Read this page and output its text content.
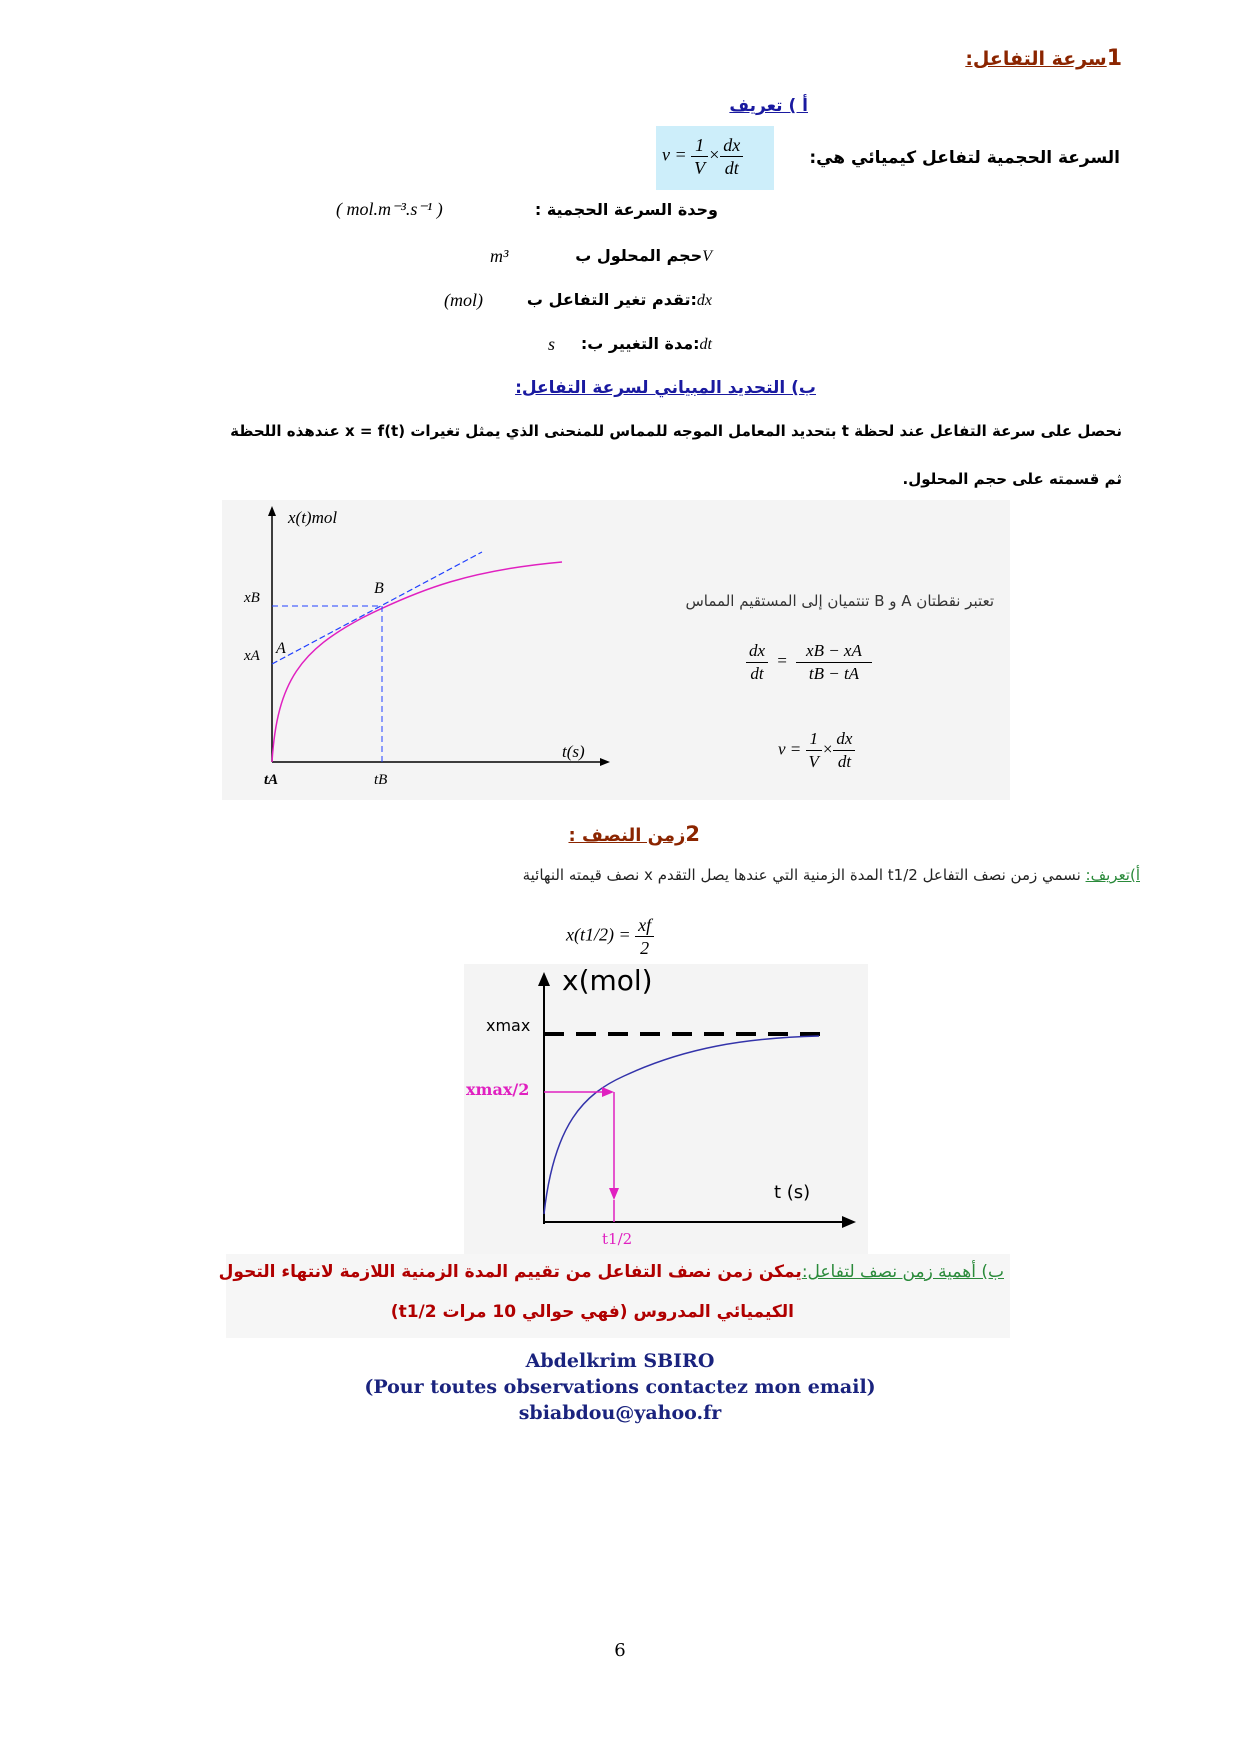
1سرعة التفاعل:
أ ) تعريف
$v = \frac{1}{V} \times \frac{dx}{dt}$	السرعة الحجمية لتفاعل كيميائي هي:
وحدة السرعة الحجمية :
( mol.m⁻³.s⁻¹ )
Vحجم المحلول ب
m³
dx:تقدم تغير التفاعل ب
(mol)
dt:مدة التغيير ب:
s
ب) التحديد المبياني لسرعة التفاعل:
نحصل على سرعة التفاعل عند لحظة t بتحديد المعامل الموجه للمماس للمنحنى الذي يمثل تغيرات x = f(t) عندهذه اللحظة
ثم قسمته على حجم المحلول.
x(t)mol
t(s)
xB
xA A
B
tA	tB
تعتبر نقطتان A و B تنتميان إلى المستقيم المماس
$\frac{dx}{dt} = \frac{xB - xA}{tB - tA}$
$v = \frac{1}{V} \times \frac{dx}{dt}$
2زمن النصف :
أ)تعريف: نسمي زمن نصف التفاعل t1/2 المدة الزمنية التي عندها يصل التقدم x نصف قيمته النهائية
$x(t1/2) = \frac{xf}{2}$
x(mol)
xmax
xmax/2
t (s)
t1/2
ب) أهمية زمن نصف لتفاعل:يمكن زمن نصف التفاعل من تقييم المدة الزمنية اللازمة لانتهاء التحول
الكيميائي المدروس (فهي حوالي 10 مرات t1/2)
Abdelkrim SBIRO
(Pour toutes observations contactez mon email)
sbiabdou@yahoo.fr
6
